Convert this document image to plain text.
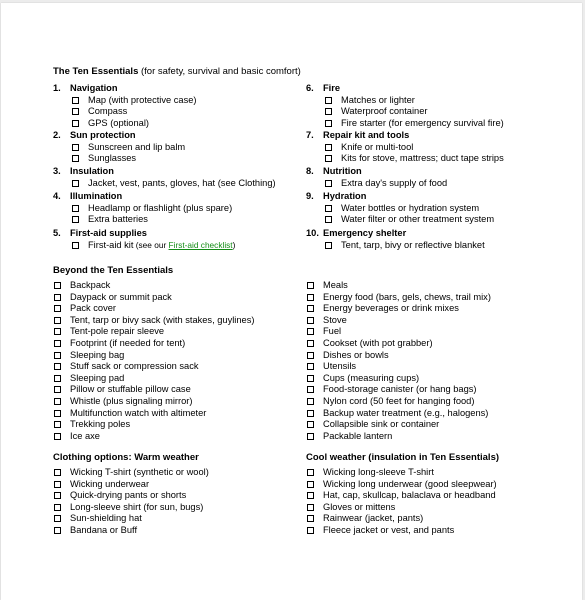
The Ten Essentials (for safety, survival and basic comfort)
1. Navigation
Map (with protective case)
Compass
GPS (optional)
2. Sun protection
Sunscreen and lip balm
Sunglasses
3. Insulation
Jacket, vest, pants, gloves, hat (see Clothing)
4. Illumination
Headlamp or flashlight (plus spare)
Extra batteries
5. First-aid supplies
First-aid kit (see our First-aid checklist)
6. Fire
Matches or lighter
Waterproof container
Fire starter (for emergency survival fire)
7. Repair kit and tools
Knife or multi-tool
Kits for stove, mattress; duct tape strips
8. Nutrition
Extra day's supply of food
9. Hydration
Water bottles or hydration system
Water filter or other treatment system
10. Emergency shelter
Tent, tarp, bivy or reflective blanket
Beyond the Ten Essentials
Backpack
Daypack or summit pack
Pack cover
Tent, tarp or bivy sack (with stakes, guylines)
Tent-pole repair sleeve
Footprint (if needed for tent)
Sleeping bag
Stuff sack or compression sack
Sleeping pad
Pillow or stuffable pillow case
Whistle (plus signaling mirror)
Multifunction watch with altimeter
Trekking poles
Ice axe
Meals
Energy food (bars, gels, chews, trail mix)
Energy beverages or drink mixes
Stove
Fuel
Cookset (with pot grabber)
Dishes or bowls
Utensils
Cups (measuring cups)
Food-storage canister (or hang bags)
Nylon cord (50 feet for hanging food)
Backup water treatment (e.g., halogens)
Collapsible sink or container
Packable lantern
Clothing options: Warm weather	Cool weather (insulation in Ten Essentials)
Wicking T-shirt (synthetic or wool)
Wicking underwear
Quick-drying pants or shorts
Long-sleeve shirt (for sun, bugs)
Sun-shielding hat
Bandana or Buff
Wicking long-sleeve T-shirt
Wicking long underwear (good sleepwear)
Hat, cap, skullcap, balaclava or headband
Gloves or mittens
Rainwear (jacket, pants)
Fleece jacket or vest, and pants
